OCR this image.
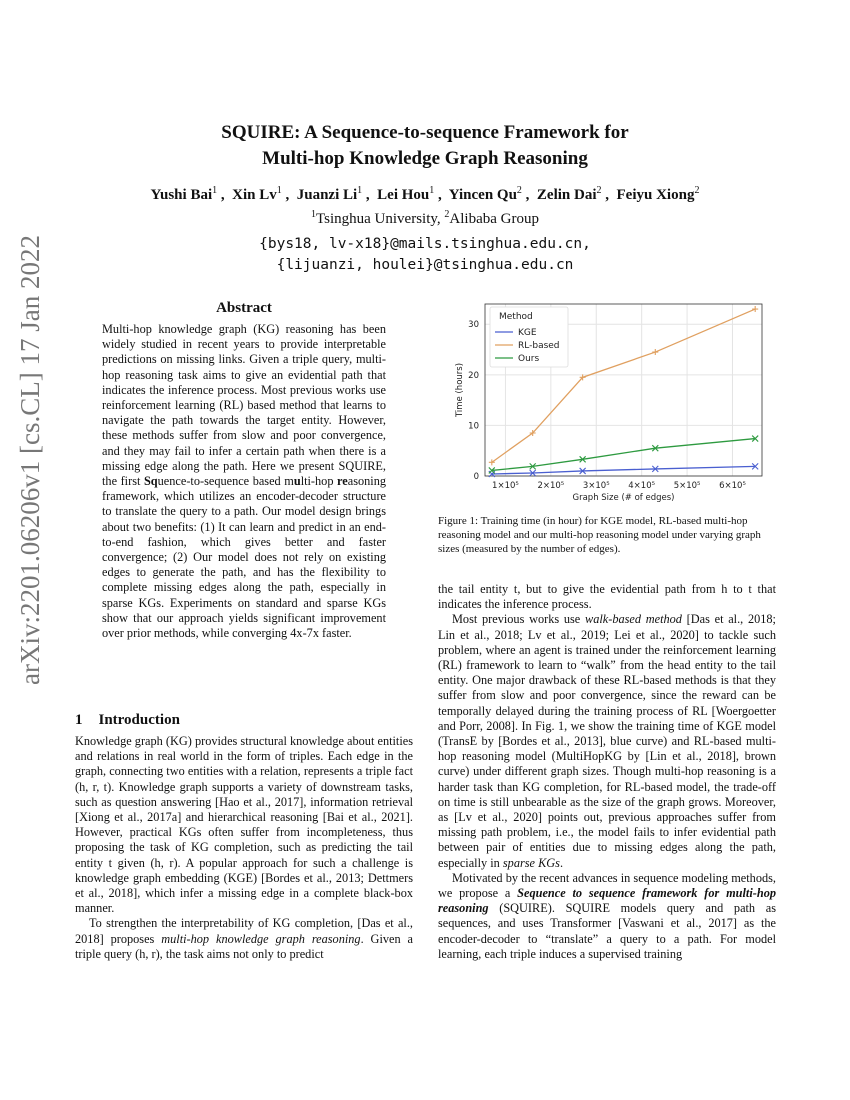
arXiv:2201.06206v1 [cs.CL] 17 Jan 2022
SQUIRE: A Sequence-to-sequence Framework for
Multi-hop Knowledge Graph Reasoning
Yushi Bai$^1$ ,  Xin Lv$^1$ ,  Juanzi Li$^1$ ,  Lei Hou$^1$ ,  Yincen Qu$^2$ ,  Zelin Dai$^2$ ,  Feiyu Xiong$^2$
$^1$Tsinghua University, $^2$Alibaba Group
{bys18, lv-x18}@mails.tsinghua.edu.cn,
{lijuanzi, houlei}@tsinghua.edu.cn
Abstract
Multi-hop knowledge graph (KG) reasoning has been widely studied in recent years to provide interpretable predictions on missing links. Given a triple query, multi-hop reasoning task aims to give an evidential path that indicates the inference process. Most previous works use reinforcement learning (RL) based method that learns to navigate the path towards the target entity. However, these methods suffer from slow and poor convergence, and they may fail to infer a certain path when there is a missing edge along the path. Here we present SQUIRE, the first Squence-to-sequence based multi-hop reasoning framework, which utilizes an encoder-decoder structure to translate the query to a path. Our model design brings about two benefits: (1) It can learn and predict in an end-to-end fashion, which gives better and faster convergence; (2) Our model does not rely on existing edges to generate the path, and has the flexibility to complete missing edges along the path, especially in sparse KGs. Experiments on standard and sparse KGs show that our approach yields significant improvement over prior methods, while converging 4x-7x faster.
1 Introduction

Knowledge graph (KG) provides structural knowledge about entities and relations in real world in the form of triples. Each edge in the graph, connecting two entities with a relation, represents a triple fact (h, r, t). Knowledge graph supports a variety of downstream tasks, such as question answering [Hao et al., 2017], information retrieval [Xiong et al., 2017a] and hierarchical reasoning [Bai et al., 2021]. However, practical KGs often suffer from incompleteness, thus proposing the task of KG completion, such as predicting the tail entity t given (h, r). A popular approach for such a challenge is knowledge graph embedding (KGE) [Bordes et al., 2013; Dettmers et al., 2018], which infer a missing edge in a complete black-box manner.

To strengthen the interpretability of KG completion, [Das et al., 2018] proposes multi-hop knowledge graph reasoning. Given a triple query (h, r), the task aims not only to predict

0
10
20
30
1×10⁵ 2×10⁵ 3×10⁵ 4×10⁵ 5×10⁵ 6×10⁵
Graph Size (# of edges)
Time (hours)
Method
KGE
RL-based
Ours
Figure 1: Training time (in hour) for KGE model, RL-based multi-hop reasoning model and our multi-hop reasoning model under varying graph sizes (measured by the number of edges).

the tail entity t, but to give the evidential path from h to t that indicates the inference process.

Most previous works use walk-based method [Das et al., 2018; Lin et al., 2018; Lv et al., 2019; Lei et al., 2020] to tackle such problem, where an agent is trained under the reinforcement learning (RL) framework to learn to “walk” from the head entity to the tail entity. One major drawback of these RL-based methods is that they suffer from slow and poor convergence, since the reward can be temporally delayed during the training process of RL [Woergoetter and Porr, 2008]. In Fig. 1, we show the training time of KGE model (TransE by [Bordes et al., 2013], blue curve) and RL-based multi-hop reasoning model (MultiHopKG by [Lin et al., 2018], brown curve) under different graph sizes. Though multi-hop reasoning is a harder task than KG completion, for RL-based model, the trade-off on time is still unbearable as the size of the graph grows. Moreover, as [Lv et al., 2020] points out, previous approaches suffer from missing path problem, i.e., the model fails to infer evidential path between pair of entities due to missing edges along the path, especially in sparse KGs.

Motivated by the recent advances in sequence modeling methods, we propose a Sequence to sequence framework for multi-hop reasoning (SQUIRE). SQUIRE models query and path as sequences, and uses Transformer [Vaswani et al., 2017] as the encoder-decoder to “translate” a query to a path. For model learning, each triple induces a supervised training
